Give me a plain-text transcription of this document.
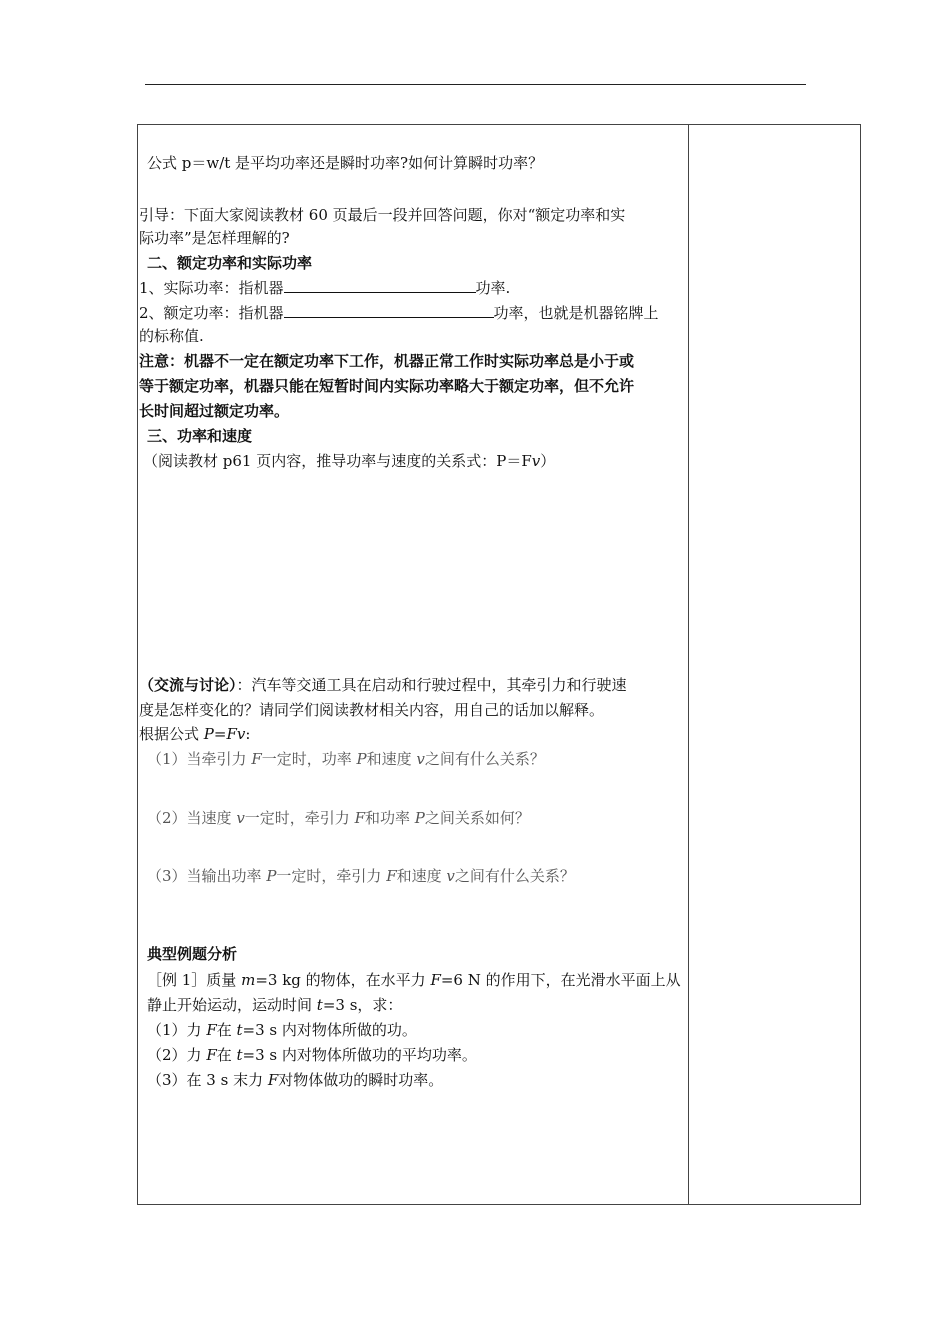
公式 p＝w/t 是平均功率还是瞬时功率?如何计算瞬时功率？
引导：下面大家阅读教材 60 页最后一段并回答问题，你对“额定功率和实
际功率”是怎样理解的?
二、额定功率和实际功率
1、实际功率：指机器	功率.
2、额定功率：指机器	功率，也就是机器铭牌上
的标称值.
注意：机器不一定在额定功率下工作，机器正常工作时实际功率总是小于或
等于额定功率，机器只能在短暂时间内实际功率略大于额定功率，但不允许
长时间超过额定功率。
三、功率和速度
（阅读教材 p61 页内容，推导功率与速度的关系式：P＝Fv）
（交流与讨论）：汽车等交通工具在启动和行驶过程中，其牵引力和行驶速
度是怎样变化的？请同学们阅读教材相关内容，用自己的话加以解释。
根据公式 P=Fv:
（1）当牵引力 F一定时，功率 P和速度 v之间有什么关系？
（2）当速度 v一定时，牵引力 F和功率 P之间关系如何？
（3）当输出功率 P一定时，牵引力 F和速度 v之间有什么关系？
典型例题分析
［例 1］质量 m=3 kg 的物体，在水平力 F=6 N 的作用下，在光滑水平面上从
静止开始运动，运动时间 t=3 s，求：
（1）力 F在 t=3 s 内对物体所做的功。
（2）力 F在 t=3 s 内对物体所做功的平均功率。
（3）在 3 s 末力 F对物体做功的瞬时功率。
